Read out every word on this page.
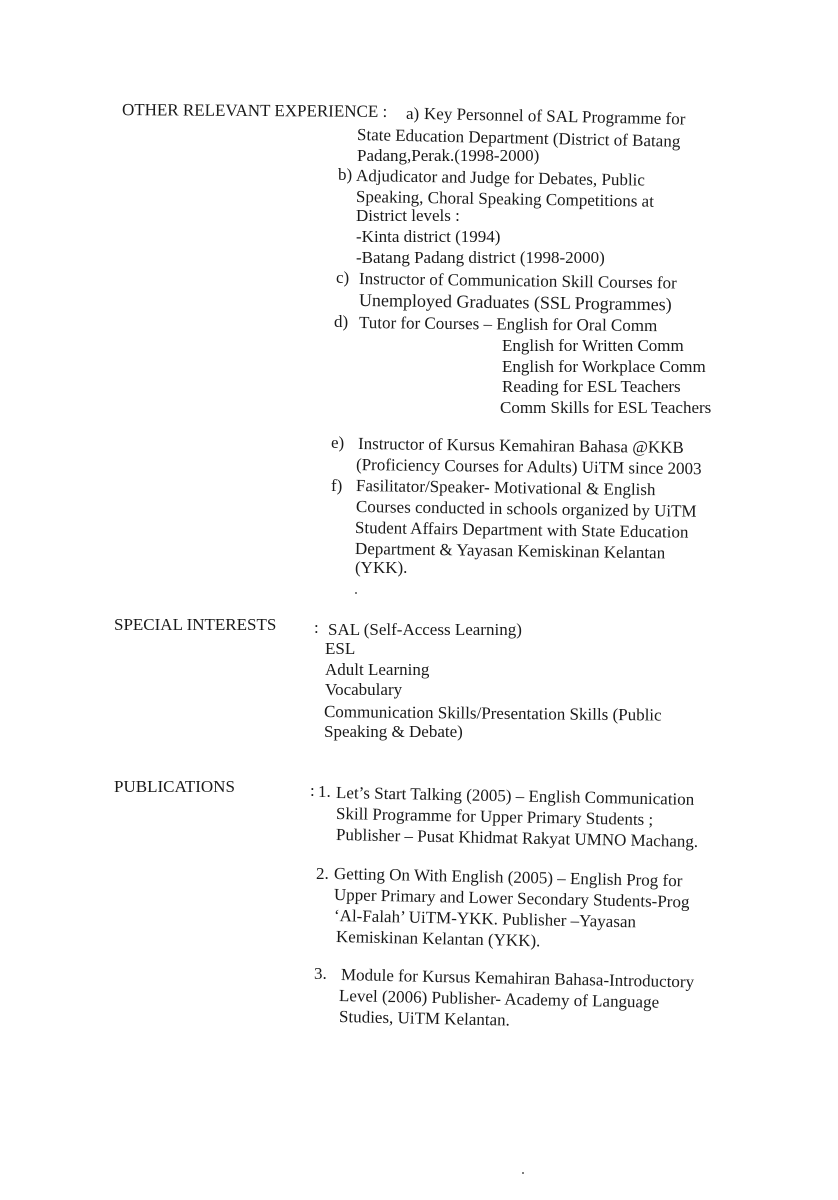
OTHER RELEVANT EXPERIENCE : a) Key Personnel of SAL Programme for
State Education Department (District of Batang
Padang,Perak.(1998-2000)
b) Adjudicator and Judge for Debates, Public
Speaking, Choral Speaking Competitions at
District levels :
-Kinta district (1994)
-Batang Padang district (1998-2000)
c) Instructor of Communication Skill Courses for
Unemployed Graduates (SSL Programmes)
d) Tutor for Courses – English for Oral Comm
English for Written Comm
English for Workplace Comm
Reading for ESL Teachers
Comm Skills for ESL Teachers
e) Instructor of Kursus Kemahiran Bahasa @KKB
(Proficiency Courses for Adults) UiTM since 2003
f) Fasilitator/Speaker- Motivational & English
Courses conducted in schools organized by UiTM
Student Affairs Department with State Education
Department & Yayasan Kemiskinan Kelantan
(YKK).
SPECIAL INTERESTS : SAL (Self-Access Learning)
ESL
Adult Learning
Vocabulary
Communication Skills/Presentation Skills (Public
Speaking & Debate)
PUBLICATIONS	: 1. Let’s Start Talking (2005) – English Communication
Skill Programme for Upper Primary Students ;
Publisher – Pusat Khidmat Rakyat UMNO Machang.
2. Getting On With English (2005) – English Prog for
Upper Primary and Lower Secondary Students-Prog
‘Al-Falah’ UiTM-YKK. Publisher –Yayasan
Kemiskinan Kelantan (YKK).
3. Module for Kursus Kemahiran Bahasa-Introductory
Level (2006) Publisher- Academy of Language
Studies, UiTM Kelantan.
